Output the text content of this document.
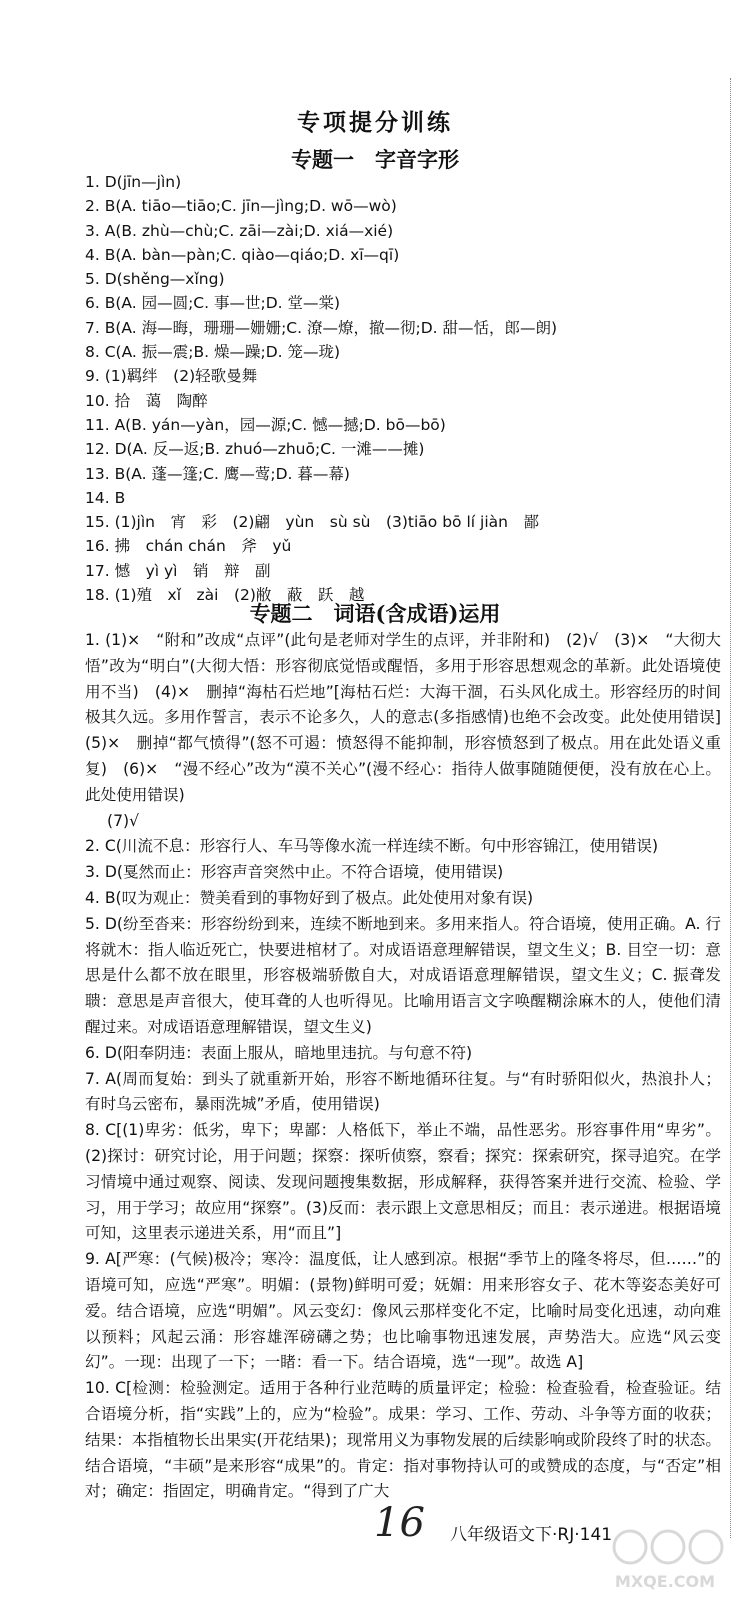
专项提分训练
专题一　字音字形
1. D(jīn—jìn)
2. B(A. tiāo—tiāo;C. jīn—jìng;D. wō—wò)
3. A(B. zhù—chù;C. zāi—zài;D. xiá—xié)
4. B(A. bàn—pàn;C. qiào—qiáo;D. xī—qī)
5. D(shěng—xǐng)
6. B(A. 园—圆;C. 事—世;D. 堂—棠)
7. B(A. 海—晦，珊珊—姗姗;C. 潦—燎，撤—彻;D. 甜—恬，郎—朗)
8. C(A. 振—震;B. 燥—躁;D. 笼—珑)
9. (1)羁绊　(2)轻歌曼舞
10. 拾　蔼　陶醉
11. A(B. yán—yàn，园—源;C. 憾—撼;D. bō—bō)
12. D(A. 反—返;B. zhuó—zhuō;C. 一滩——摊)
13. B(A. 蓬—篷;C. 鹰—莺;D. 暮—幕)
14. B
15. (1)jìn　宵　彩　(2)翩　yùn　sù sù　(3)tiāo bō lí jiàn　鄙
16. 拂　chán chán　斧　yǔ
17. 憾　yì yì　销　辩　副
18. (1)殖　xǐ　zài　(2)敝　蔽　跃　越
专题二　词语(含成语)运用
1. (1)×　“附和”改成“点评”(此句是老师对学生的点评，并非附和)　(2)√　(3)×　“大彻大悟”改为“明白”(大彻大悟：形容彻底觉悟或醒悟，多用于形容思想观念的革新。此处语境使用不当)　(4)×　删掉“海枯石烂地”[海枯石烂：大海干涸，石头风化成土。形容经历的时间极其久远。多用作誓言，表示不论多久，人的意志(多指感情)也绝不会改变。此处使用错误]　(5)×　删掉“都气愤得”(怒不可遏：愤怒得不能抑制，形容愤怒到了极点。用在此处语义重复)　(6)×　“漫不经心”改为“漠不关心”(漫不经心：指待人做事随随便便，没有放在心上。此处使用错误)
(7)√
2. C(川流不息：形容行人、车马等像水流一样连续不断。句中形容锦江，使用错误)
3. D(戛然而止：形容声音突然中止。不符合语境，使用错误)
4. B(叹为观止：赞美看到的事物好到了极点。此处使用对象有误)
5. D(纷至沓来：形容纷纷到来，连续不断地到来。多用来指人。符合语境，使用正确。A. 行将就木：指人临近死亡，快要进棺材了。对成语语意理解错误，望文生义；B. 目空一切：意思是什么都不放在眼里，形容极端骄傲自大，对成语语意理解错误，望文生义；C. 振聋发聩：意思是声音很大，使耳聋的人也听得见。比喻用语言文字唤醒糊涂麻木的人，使他们清醒过来。对成语语意理解错误，望文生义)
6. D(阳奉阴违：表面上服从，暗地里违抗。与句意不符)
7. A(周而复始：到头了就重新开始，形容不断地循环往复。与“有时骄阳似火，热浪扑人；有时乌云密布，暴雨洗城”矛盾，使用错误)
8. C[(1)卑劣：低劣，卑下；卑鄙：人格低下，举止不端，品性恶劣。形容事件用“卑劣”。(2)探讨：研究讨论，用于问题；探察：探听侦察，察看；探究：探索研究，探寻追究。在学习情境中通过观察、阅读、发现问题搜集数据，形成解释，获得答案并进行交流、检验、学习，用于学习；故应用“探察”。(3)反而：表示跟上文意思相反；而且：表示递进。根据语境可知，这里表示递进关系，用“而且”]
9. A[严寒：(气候)极冷；寒冷：温度低，让人感到凉。根据“季节上的隆冬将尽，但……”的语境可知，应选“严寒”。明媚：(景物)鲜明可爱；妩媚：用来形容女子、花木等姿态美好可爱。结合语境，应选“明媚”。风云变幻：像风云那样变化不定，比喻时局变化迅速，动向难以预料；风起云涌：形容雄浑磅礴之势；也比喻事物迅速发展，声势浩大。应选“风云变幻”。一现：出现了一下；一睹：看一下。结合语境，选“一现”。故选 A]
10. C[检测：检验测定。适用于各种行业范畴的质量评定；检验：检查验看，检查验证。结合语境分析，指“实践”上的，应为“检验”。成果：学习、工作、劳动、斗争等方面的收获；结果：本指植物长出果实(开花结果)；现常用义为事物发展的后续影响或阶段终了时的状态。结合语境，“丰硕”是来形容“成果”的。肯定：指对事物持认可的或赞成的态度，与“否定”相对；确定：指固定，明确肯定。“得到了广大
16 八年级语文下·RJ·141
MXQE.COM
